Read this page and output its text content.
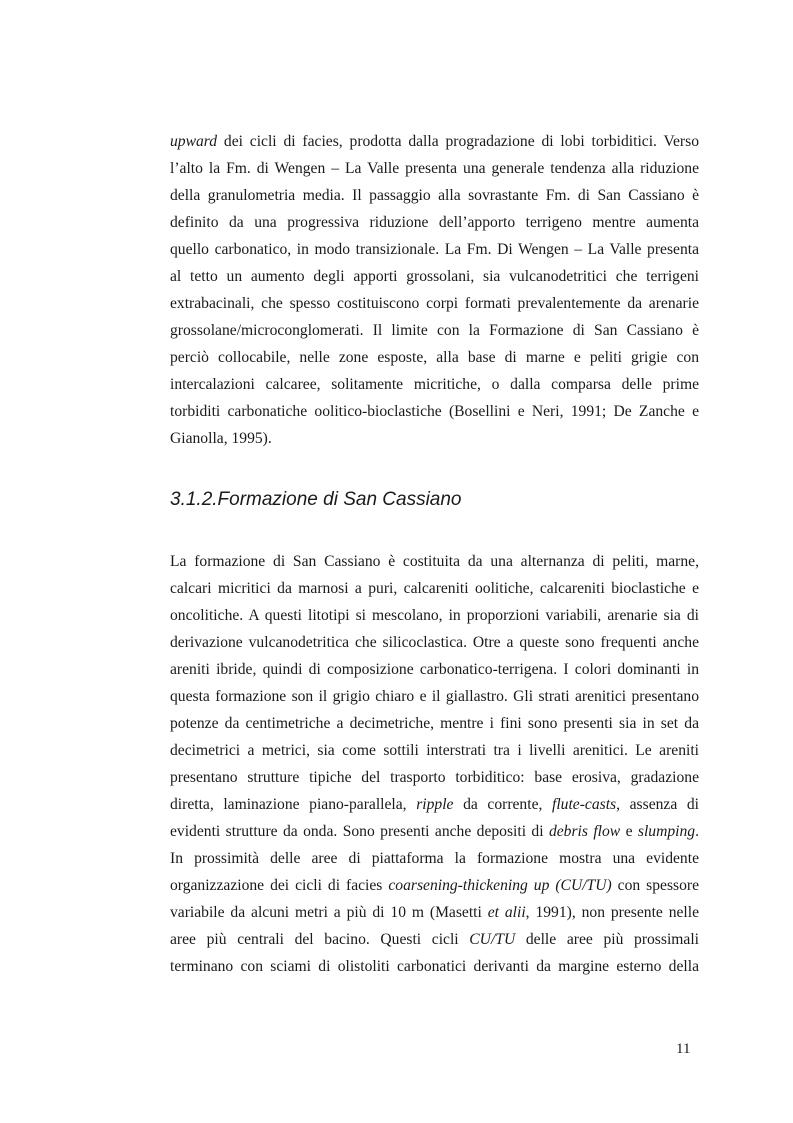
upward dei cicli di facies, prodotta dalla progradazione di lobi torbiditici. Verso
l’alto la Fm. di Wengen – La Valle presenta una generale tendenza alla riduzione
della granulometria media. Il passaggio alla sovrastante Fm. di San Cassiano è
definito da una progressiva riduzione dell’apporto terrigeno mentre aumenta
quello carbonatico, in modo transizionale. La Fm. Di Wengen – La Valle presenta
al tetto un aumento degli apporti grossolani, sia vulcanodetritici che terrigeni
extrabacinali, che spesso costituiscono corpi formati prevalentemente da arenarie
grossolane/microconglomerati. Il limite con la Formazione di San Cassiano è
perciò collocabile, nelle zone esposte, alla base di marne e peliti grigie con
intercalazioni calcaree, solitamente micritiche, o dalla comparsa delle prime
torbiditi carbonatiche oolitico-bioclastiche (Bosellini e Neri, 1991; De Zanche e
Gianolla, 1995).
3.1.2.Formazione di San Cassiano
La formazione di San Cassiano è costituita da una alternanza di peliti, marne,
calcari micritici da marnosi a puri, calcareniti oolitiche, calcareniti bioclastiche e
oncolitiche. A questi litotipi si mescolano, in proporzioni variabili, arenarie sia di
derivazione vulcanodetritica che silicoclastica. Otre a queste sono frequenti anche
areniti ibride, quindi di composizione carbonatico-terrigena. I colori dominanti in
questa formazione son il grigio chiaro e il giallastro. Gli strati arenitici presentano
potenze da centimetriche a decimetriche, mentre i fini sono presenti sia in set da
decimetrici a metrici, sia come sottili interstrati tra i livelli arenitici. Le areniti
presentano strutture tipiche del trasporto torbiditico: base erosiva, gradazione
diretta, laminazione piano-parallela, ripple da corrente, flute-casts, assenza di
evidenti strutture da onda. Sono presenti anche depositi di debris flow e slumping.
In prossimità delle aree di piattaforma la formazione mostra una evidente
organizzazione dei cicli di facies coarsening-thickening up (CU/TU) con spessore
variabile da alcuni metri a più di 10 m (Masetti et alii, 1991), non presente nelle
aree più centrali del bacino. Questi cicli CU/TU delle aree più prossimali
terminano con sciami di olistoliti carbonatici derivanti da margine esterno della
11
